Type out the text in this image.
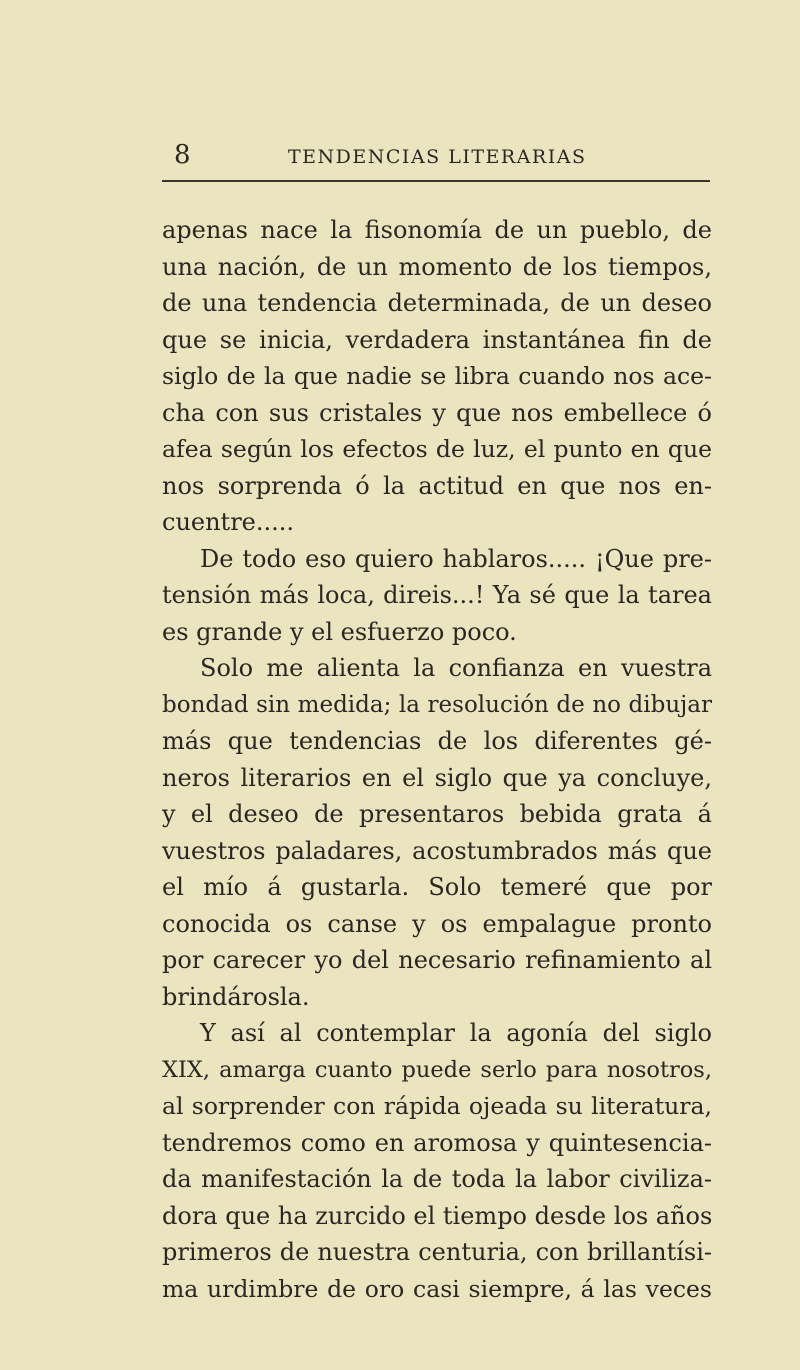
8	TENDENCIAS LITERARIAS
apenas nace la fisonomía de un pueblo, de
una nación, de un momento de los tiempos,
de una tendencia determinada, de un deseo
que se inicia, verdadera instantánea fin de
siglo de la que nadie se libra cuando nos ace-
cha con sus cristales y que nos embellece ó
afea según los efectos de luz, el punto en que
nos sorprenda ó la actitud en que nos en-
cuentre.....
De todo eso quiero hablaros..... ¡Que pre-
tensión más loca, direis...! Ya sé que la tarea
es grande y el esfuerzo poco.
Solo me alienta la confianza en vuestra
bondad sin medida; la resolución de no dibujar
más que tendencias de los diferentes gé-
neros literarios en el siglo que ya concluye,
y el deseo de presentaros bebida grata á
vuestros paladares, acostumbrados más que
el mío á gustarla. Solo temeré que por
conocida os canse y os empalague pronto
por carecer yo del necesario refinamiento al
brindárosla.
Y así al contemplar la agonía del siglo
XIX, amarga cuanto puede serlo para nosotros,
al sorprender con rápida ojeada su literatura,
tendremos como en aromosa y quintesencia-
da manifestación la de toda la labor civiliza-
dora que ha zurcido el tiempo desde los años
primeros de nuestra centuria, con brillantísi-
ma urdimbre de oro casi siempre, á las veces
